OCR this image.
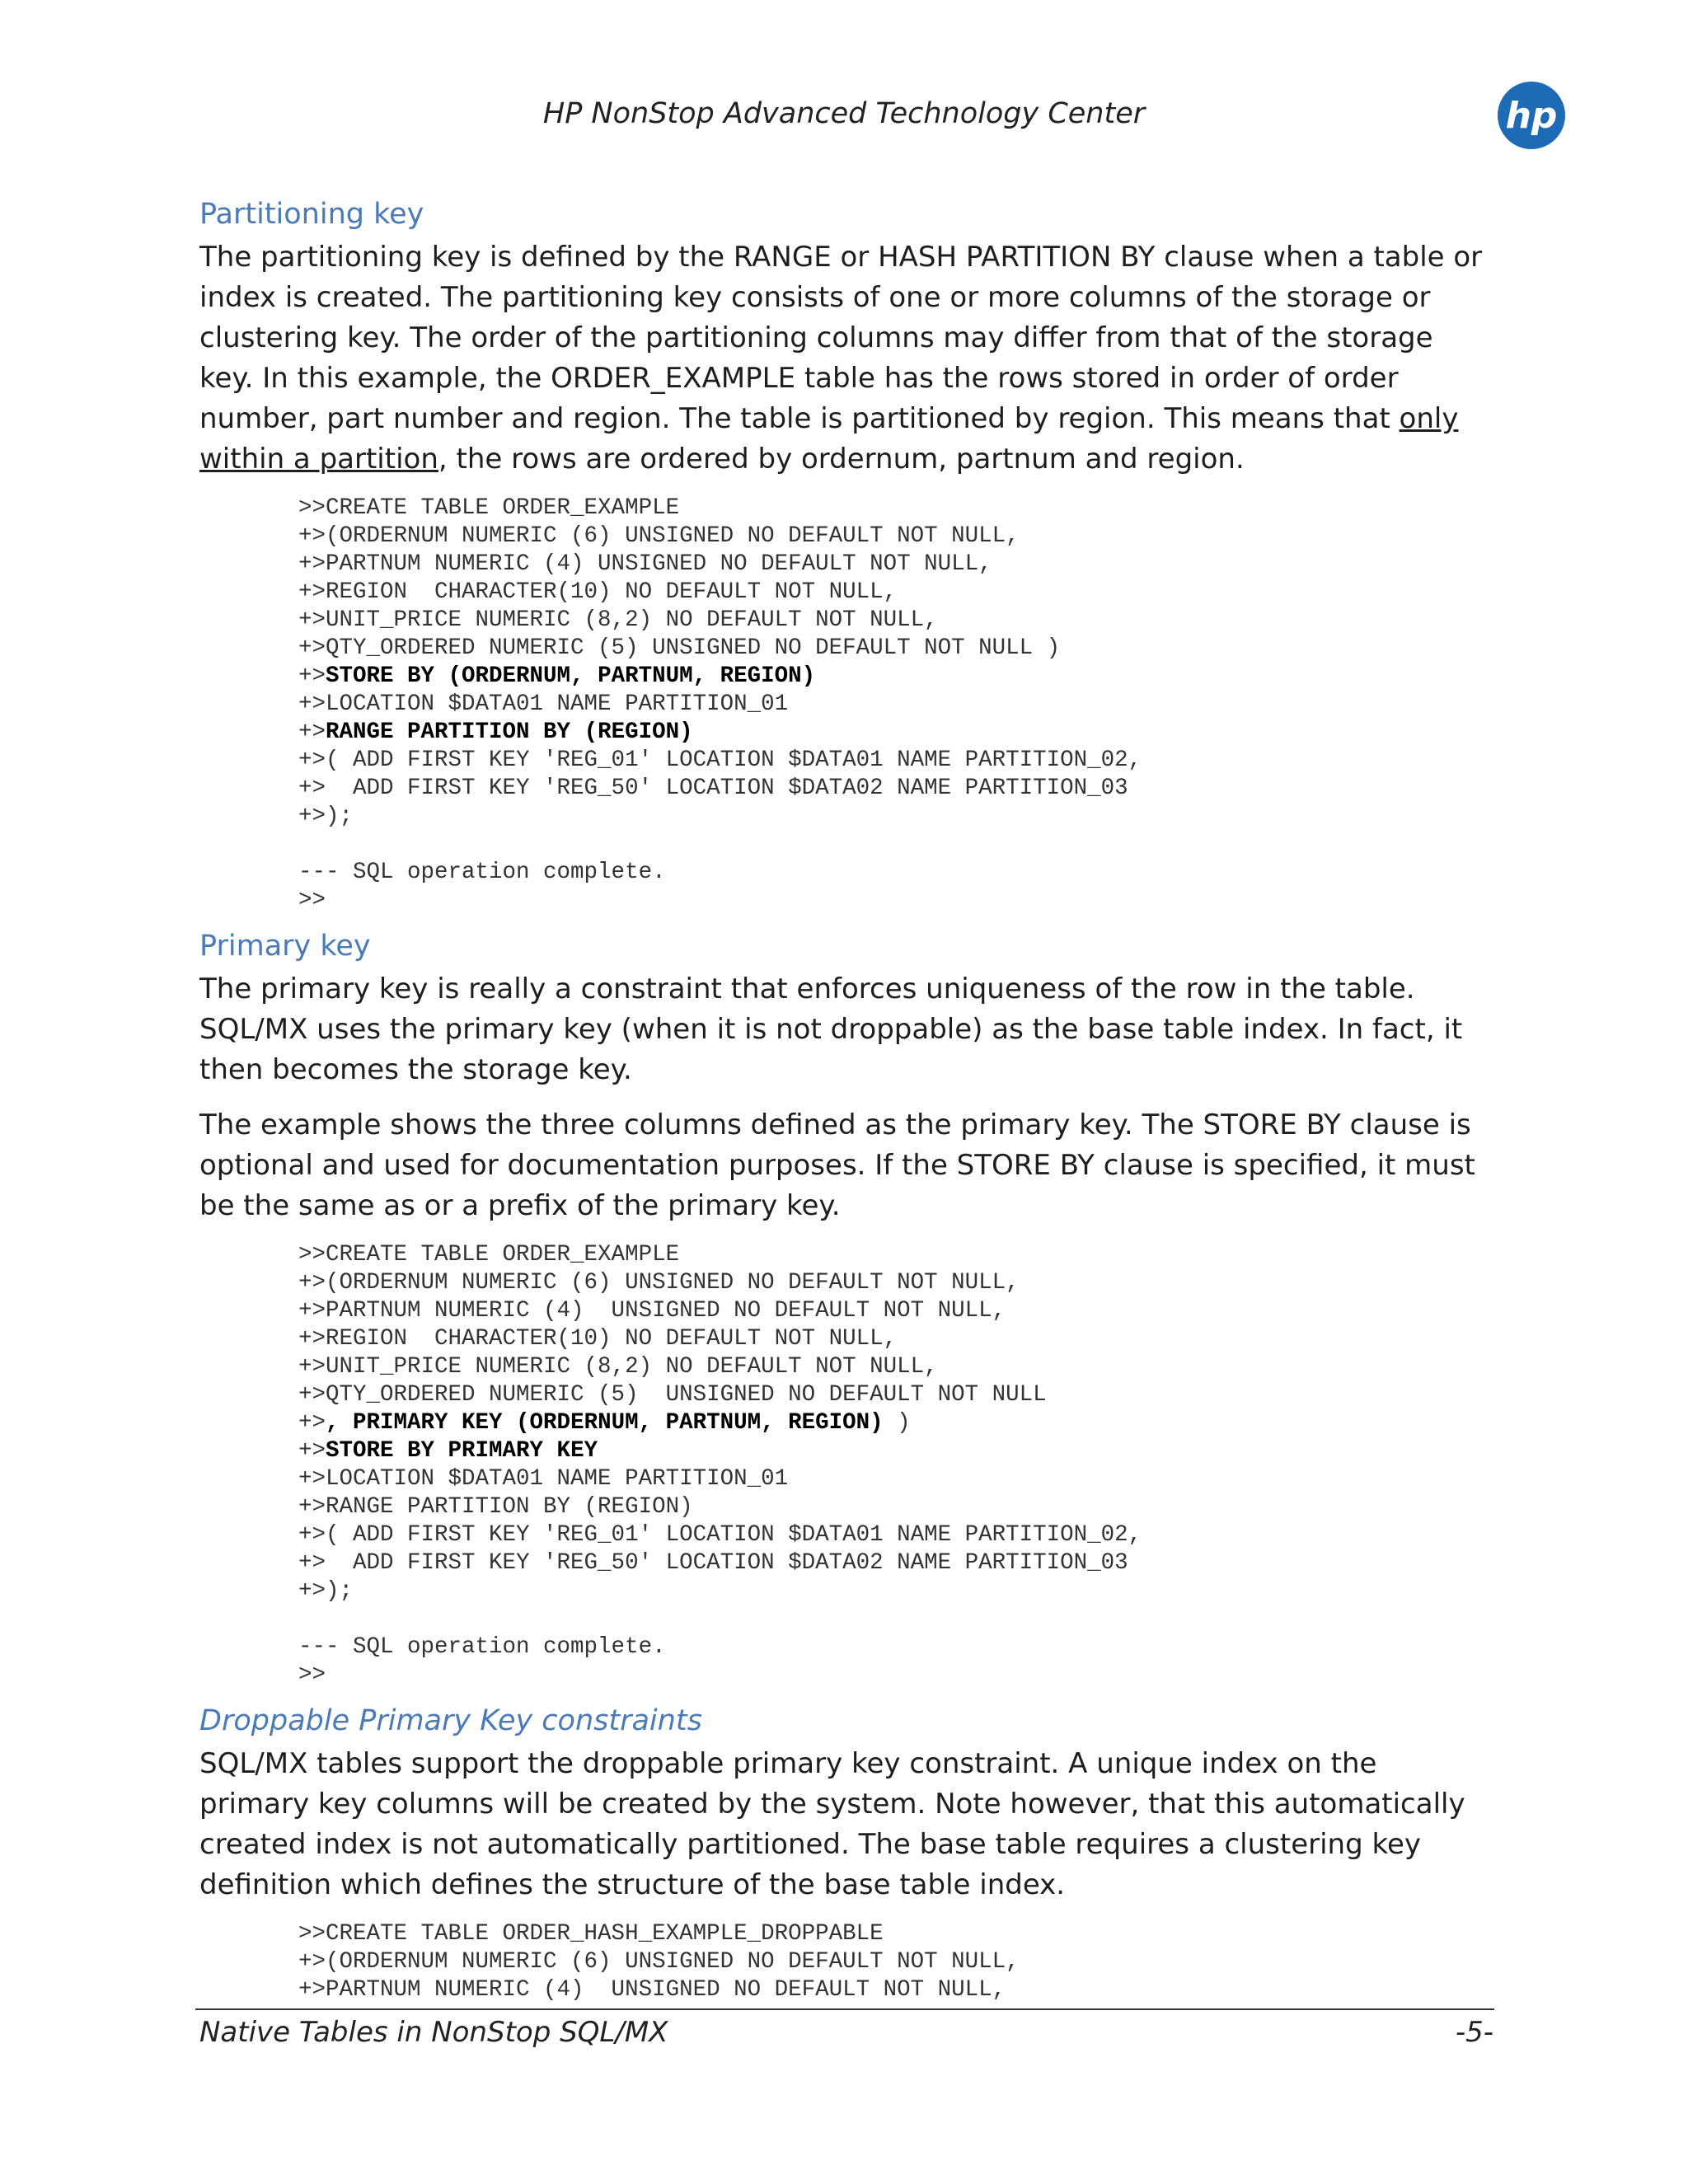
HP NonStop Advanced Technology Center	hp
Partitioning key

The partitioning key is defined by the RANGE or HASH PARTITION BY clause when a table or index is created. The partitioning key consists of one or more columns of the storage or clustering key. The order of the partitioning columns may differ from that of the storage key. In this example, the ORDER_EXAMPLE table has the rows stored in order of order number, part number and region. The table is partitioned by region. This means that only within a partition, the rows are ordered by ordernum, partnum and region.

>>CREATE TABLE ORDER_EXAMPLE
+>(ORDERNUM NUMERIC (6) UNSIGNED NO DEFAULT NOT NULL,
+>PARTNUM NUMERIC (4) UNSIGNED NO DEFAULT NOT NULL,
+>REGION  CHARACTER(10) NO DEFAULT NOT NULL,
+>UNIT_PRICE NUMERIC (8,2) NO DEFAULT NOT NULL,
+>QTY_ORDERED NUMERIC (5) UNSIGNED NO DEFAULT NOT NULL )
+>STORE BY (ORDERNUM, PARTNUM, REGION)
+>LOCATION $DATA01 NAME PARTITION_01
+>RANGE PARTITION BY (REGION)
+>( ADD FIRST KEY 'REG_01' LOCATION $DATA01 NAME PARTITION_02,
+>  ADD FIRST KEY 'REG_50' LOCATION $DATA02 NAME PARTITION_03
+>);
--- SQL operation complete.
>>
Primary key

The primary key is really a constraint that enforces uniqueness of the row in the table. SQL/MX uses the primary key (when it is not droppable) as the base table index. In fact, it then becomes the storage key.

The example shows the three columns defined as the primary key. The STORE BY clause is optional and used for documentation purposes. If the STORE BY clause is specified, it must be the same as or a prefix of the primary key.

>>CREATE TABLE ORDER_EXAMPLE
+>(ORDERNUM NUMERIC (6) UNSIGNED NO DEFAULT NOT NULL,
+>PARTNUM NUMERIC (4)  UNSIGNED NO DEFAULT NOT NULL,
+>REGION  CHARACTER(10) NO DEFAULT NOT NULL,
+>UNIT_PRICE NUMERIC (8,2) NO DEFAULT NOT NULL,
+>QTY_ORDERED NUMERIC (5)  UNSIGNED NO DEFAULT NOT NULL
+>, PRIMARY KEY (ORDERNUM, PARTNUM, REGION) )
+>STORE BY PRIMARY KEY
+>LOCATION $DATA01 NAME PARTITION_01
+>RANGE PARTITION BY (REGION)
+>( ADD FIRST KEY 'REG_01' LOCATION $DATA01 NAME PARTITION_02,
+>  ADD FIRST KEY 'REG_50' LOCATION $DATA02 NAME PARTITION_03
+>);
--- SQL operation complete.
>>
Droppable Primary Key constraints

SQL/MX tables support the droppable primary key constraint. A unique index on the primary key columns will be created by the system. Note however, that this automatically created index is not automatically partitioned. The base table requires a clustering key definition which defines the structure of the base table index.

>>CREATE TABLE ORDER_HASH_EXAMPLE_DROPPABLE
+>(ORDERNUM NUMERIC (6) UNSIGNED NO DEFAULT NOT NULL,
+>PARTNUM NUMERIC (4)  UNSIGNED NO DEFAULT NOT NULL,
Native Tables in NonStop SQL/MX	-5-
